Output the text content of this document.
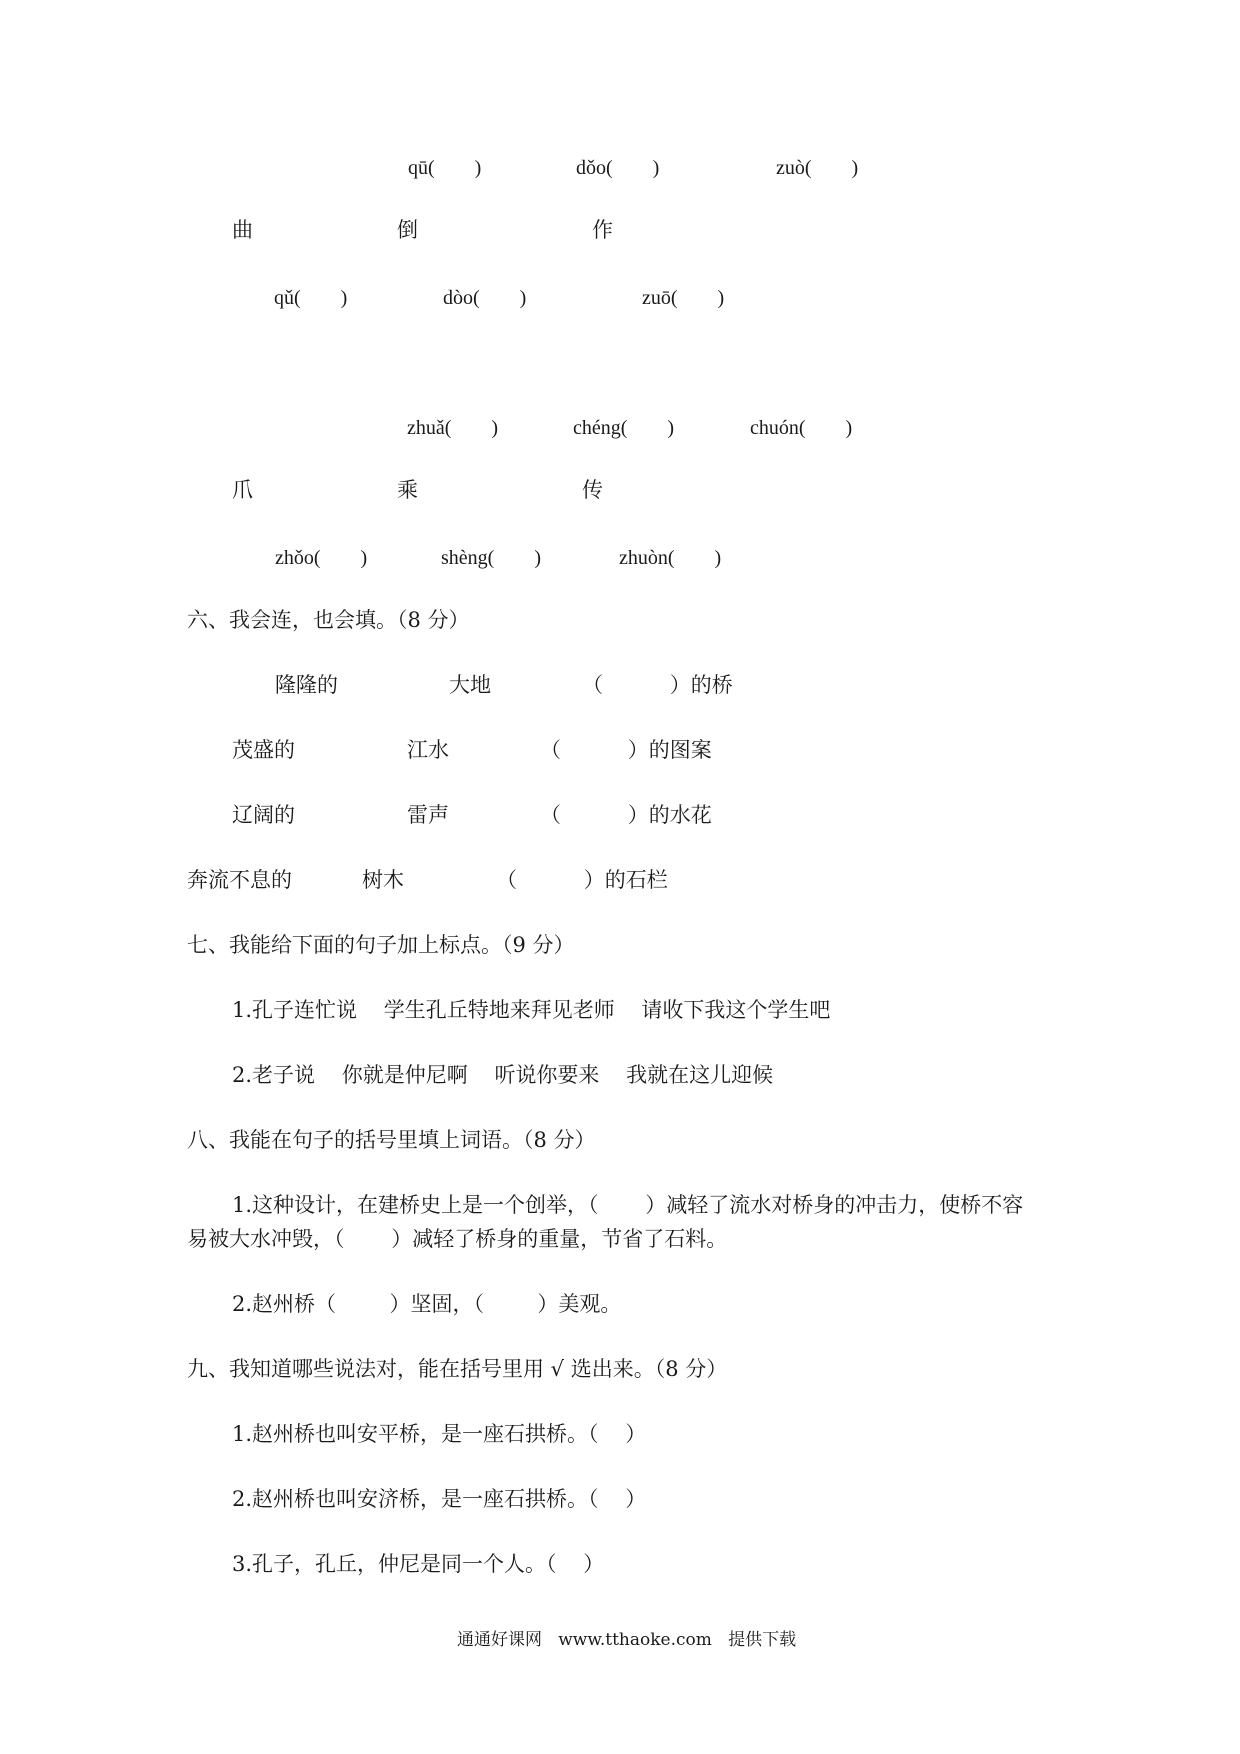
qū(        )	dǒo(        )	zuò(        )
曲	倒	作
qǔ(        )	dòo(        )	zuō(        )
zhuǎ(        )	chéng(        )	chuón(        )
爪	乘	传
zhǒo(        )	shèng(        )	zhuòn(        )
六、我会连，也会填。（8 分）
隆隆的	大地	（          ）的桥
茂盛的	江水	（          ）的图案
辽阔的	雷声	（          ）的水花
奔流不息的	树木	（          ）的石栏
七、我能给下面的句子加上标点。（9 分）
1.孔子连忙说    学生孔丘特地来拜见老师    请收下我这个学生吧
2.老子说    你就是仲尼啊    听说你要来    我就在这儿迎候
八、我能在句子的括号里填上词语。（8 分）
1.这种设计，在建桥史上是一个创举，（       ）减轻了流水对桥身的冲击力，使桥不容
易被大水冲毁，（       ）减轻了桥身的重量，节省了石料。
2.赵州桥（        ）坚固，（        ）美观。
九、我知道哪些说法对，能在括号里用 √ 选出来。（8 分）
1.赵州桥也叫安平桥，是一座石拱桥。（    ）
2.赵州桥也叫安济桥，是一座石拱桥。（    ）
3.孔子，孔丘，仲尼是同一个人。（    ）
通通好课网   www.tthaoke.com   提供下载
